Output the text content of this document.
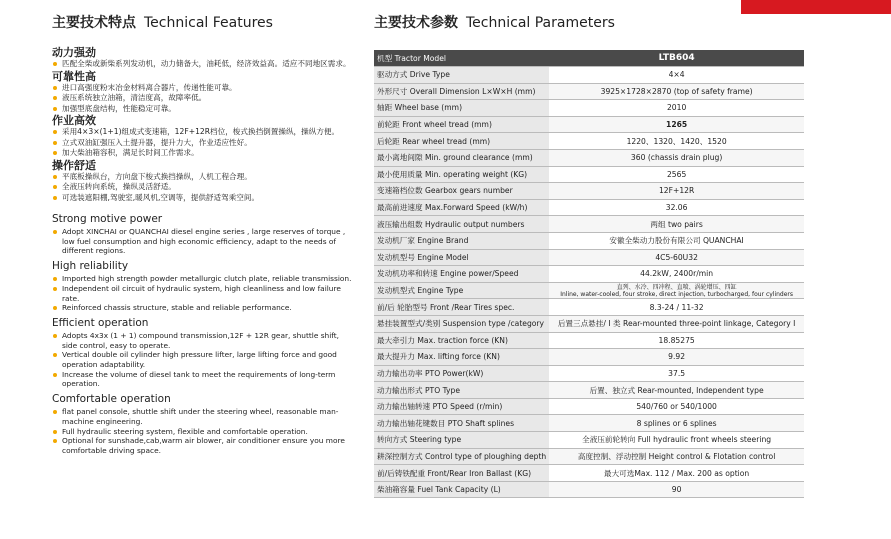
主要技术特点 Technical Features
动力强劲
匹配全柴或新柴系列发动机，动力储备大，油耗低，经济效益高。适应不同地区需求。
可靠性高
进口高强度粉末冶金材料离合器片，传递性能可靠。
液压系统独立油箱，清洁度高，故障率低。
加强型底盘结构，性能稳定可靠。
作业高效
采用4×3×(1+1)组成式变速箱，12F+12R档位，梭式换挡倒置操纵，操纵方便。
立式双油缸强压入土提升器，提升力大，作业适应性好。
加大柴油箱容积，满足长时间工作需求。
操作舒适
平底板操纵台，方向盘下梭式换挡操纵，人机工程合理。
全液压转向系统，操纵灵活舒适。
可选装遮阳棚,驾驶室,暖风机,空调等，提供舒适驾乘空间。
Strong motive power
Adopt XINCHAI or QUANCHAI diesel engine series , large reserves of torque , low fuel consumption and high economic efficiency, adapt to the needs of different regions.
High reliability
Imported high strength powder metallurgic clutch plate, reliable transmission.
Independent oil circuit of hydraulic system, high cleanliness and low failure rate.
Reinforced chassis structure, stable and reliable performance.
Efficient operation
Adopts 4x3x (1 + 1) compound transmission,12F + 12R gear, shuttle shift, side control, easy to operate.
Vertical double oil cylinder high pressure lifter, large lifting force and good operation adaptability.
Increase the volume of diesel tank to meet the requirements of long-term operation.
Comfortable operation
flat panel console, shuttle shift under the steering wheel, reasonable man-machine engineering.
Full hydraulic steering system, flexible and comfortable operation.
Optional for sunshade,cab,warm air blower, air conditioner ensure you more comfortable driving space.
主要技术参数 Technical Parameters
机型 Tractor Model	LTB604
驱动方式 Drive Type	4×4
外形尺寸 Overall Dimension L×W×H (mm)	3925×1728×2870 (top of safety frame)
轴距 Wheel base (mm)	2010
前轮距 Front wheel tread (mm)	1265
后轮距 Rear wheel tread (mm)	1220、1320、1420、1520
最小离地间隙 Min. ground clearance (mm)	360 (chassis drain plug)
最小使用质量 Min. operating weight (KG)	2565
变速箱档位数 Gearbox gears number	12F+12R
最高前进速度 Max.Forward Speed (kW/h)	32.06
液压输出组数 Hydraulic output numbers	两组 two pairs
发动机厂家 Engine Brand	安徽全柴动力股份有限公司 QUANCHAI
发动机型号 Engine Model	4C5-60U32
发动机功率和转速 Engine power/Speed	44.2kW, 2400r/min
发动机型式 Engine Type	直列、水冷、四冲程、直喷、涡轮增压、四缸
Inline, water-cooled, four stroke, direct injection, turbocharged, four cylinders

前/后 轮胎型号 Front /Rear Tires spec.	8.3-24 / 11-32
悬挂装置型式/类别 Suspension type /category	后置三点悬挂/ I 类 Rear-mounted three-point linkage, Category I
最大牵引力 Max. traction force (KN)	18.85275
最大提升力 Max. lifting force (KN)	9.92
动力输出功率 PTO Power(kW)	37.5
动力输出形式 PTO Type	后置、独立式 Rear-mounted, Independent type
动力输出轴转速 PTO Speed (r/min)	540/760 or 540/1000
动力输出轴花键数目 PTO Shaft splines	8 splines or 6 splines
转向方式 Steering type	全液压前轮转向 Full hydraulic front wheels steering
耕深控制方式 Control type of ploughing depth	高度控制、浮动控制 Height control & Flotation control
前/后铸铁配重 Front/Rear Iron Ballast (KG)	最大可选Max. 112 / Max. 200 as option
柴油箱容量 Fuel Tank Capacity (L)	90
